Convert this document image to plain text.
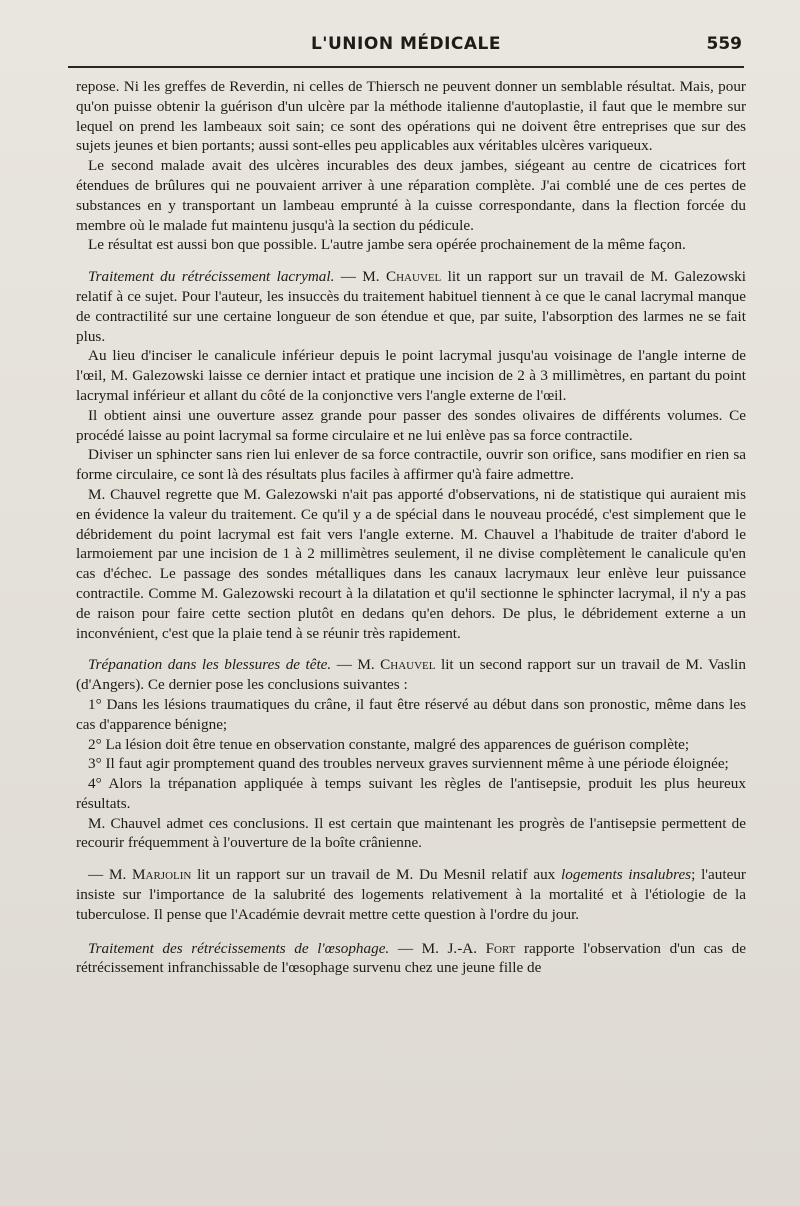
L'UNION MÉDICALE	559

repose. Ni les greffes de Reverdin, ni celles de Thiersch ne peuvent donner un semblable résultat. Mais, pour qu'on puisse obtenir la guérison d'un ulcère par la méthode italienne d'autoplastie, il faut que le membre sur lequel on prend les lambeaux soit sain; ce sont des opérations qui ne doivent être entreprises que sur des sujets jeunes et bien portants; aussi sont-elles peu applicables aux véritables ulcères variqueux.

Le second malade avait des ulcères incurables des deux jambes, siégeant au centre de cicatrices fort étendues de brûlures qui ne pouvaient arriver à une réparation complète. J'ai comblé une de ces pertes de substances en y transportant un lambeau emprunté à la cuisse correspondante, dans la flection forcée du membre où le malade fut maintenu jusqu'à la section du pédicule.

Le résultat est aussi bon que possible. L'autre jambe sera opérée prochainement de la même façon.

Traitement du rétrécissement lacrymal. — M. Chauvel lit un rapport sur un travail de M. Galezowski relatif à ce sujet. Pour l'auteur, les insuccès du traitement habituel tiennent à ce que le canal lacrymal manque de contractilité sur une certaine longueur de son étendue et que, par suite, l'absorption des larmes ne se fait plus.

Au lieu d'inciser le canalicule inférieur depuis le point lacrymal jusqu'au voisinage de l'angle interne de l'œil, M. Galezowski laisse ce dernier intact et pratique une incision de 2 à 3 millimètres, en partant du point lacrymal inférieur et allant du côté de la conjonctive vers l'angle externe de l'œil.

Il obtient ainsi une ouverture assez grande pour passer des sondes olivaires de différents volumes. Ce procédé laisse au point lacrymal sa forme circulaire et ne lui enlève pas sa force contractile.

Diviser un sphincter sans rien lui enlever de sa force contractile, ouvrir son orifice, sans modifier en rien sa forme circulaire, ce sont là des résultats plus faciles à affirmer qu'à faire admettre.

M. Chauvel regrette que M. Galezowski n'ait pas apporté d'observations, ni de statistique qui auraient mis en évidence la valeur du traitement. Ce qu'il y a de spécial dans le nouveau procédé, c'est simplement que le débridement du point lacrymal est fait vers l'angle externe. M. Chauvel a l'habitude de traiter d'abord le larmoiement par une incision de 1 à 2 millimètres seulement, il ne divise complètement le canalicule qu'en cas d'échec. Le passage des sondes métalliques dans les canaux lacrymaux leur enlève leur puissance contractile. Comme M. Galezowski recourt à la dilatation et qu'il sectionne le sphincter lacrymal, il n'y a pas de raison pour faire cette section plutôt en dedans qu'en dehors. De plus, le débridement externe a un inconvénient, c'est que la plaie tend à se réunir très rapidement.

Trépanation dans les blessures de tête. — M. Chauvel lit un second rapport sur un travail de M. Vaslin (d'Angers). Ce dernier pose les conclusions suivantes :

1° Dans les lésions traumatiques du crâne, il faut être réservé au début dans son pronostic, même dans les cas d'apparence bénigne;

2° La lésion doit être tenue en observation constante, malgré des apparences de guérison complète;

3° Il faut agir promptement quand des troubles nerveux graves surviennent même à une période éloignée;

4° Alors la trépanation appliquée à temps suivant les règles de l'antisepsie, produit les plus heureux résultats.

M. Chauvel admet ces conclusions. Il est certain que maintenant les progrès de l'antisepsie permettent de recourir fréquemment à l'ouverture de la boîte crânienne.

— M. Marjolin lit un rapport sur un travail de M. Du Mesnil relatif aux logements insalubres; l'auteur insiste sur l'importance de la salubrité des logements relativement à la mortalité et à l'étiologie de la tuberculose. Il pense que l'Académie devrait mettre cette question à l'ordre du jour.

Traitement des rétrécissements de l'œsophage. — M. J.-A. Fort rapporte l'observation d'un cas de rétrécissement infranchissable de l'œsophage survenu chez une jeune fille de
